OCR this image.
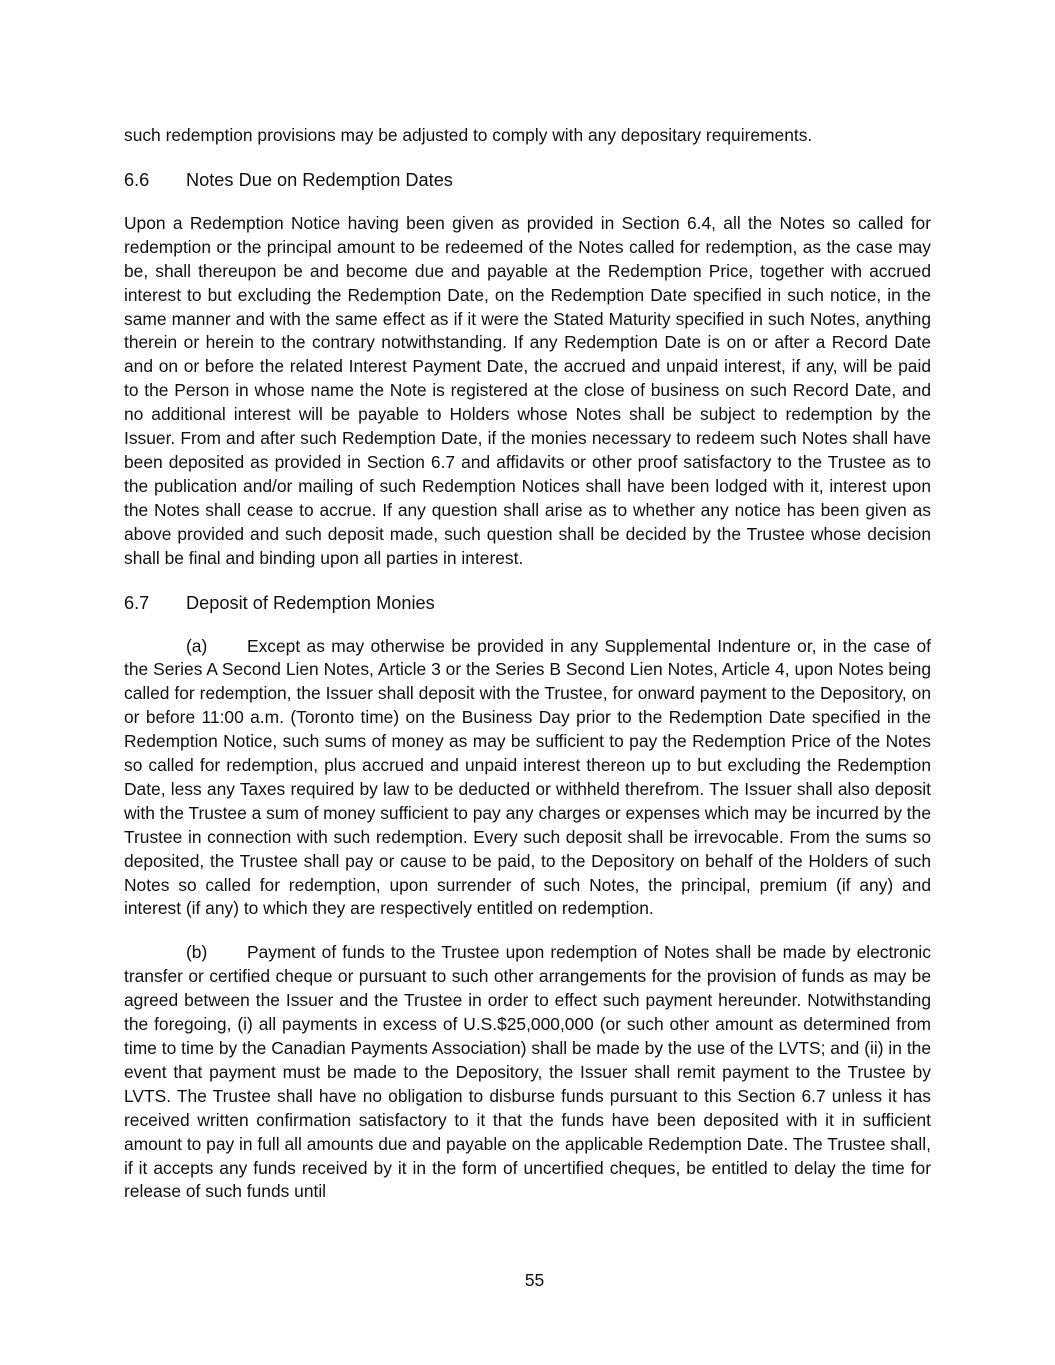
such redemption provisions may be adjusted to comply with any depositary requirements.

6.6	Notes Due on Redemption Dates

Upon a Redemption Notice having been given as provided in Section 6.4, all the Notes so called for redemption or the principal amount to be redeemed of the Notes called for redemption, as the case may be, shall thereupon be and become due and payable at the Redemption Price, together with accrued interest to but excluding the Redemption Date, on the Redemption Date specified in such notice, in the same manner and with the same effect as if it were the Stated Maturity specified in such Notes, anything therein or herein to the contrary notwithstanding. If any Redemption Date is on or after a Record Date and on or before the related Interest Payment Date, the accrued and unpaid interest, if any, will be paid to the Person in whose name the Note is registered at the close of business on such Record Date, and no additional interest will be payable to Holders whose Notes shall be subject to redemption by the Issuer. From and after such Redemption Date, if the monies necessary to redeem such Notes shall have been deposited as provided in Section 6.7 and affidavits or other proof satisfactory to the Trustee as to the publication and/or mailing of such Redemption Notices shall have been lodged with it, interest upon the Notes shall cease to accrue. If any question shall arise as to whether any notice has been given as above provided and such deposit made, such question shall be decided by the Trustee whose decision shall be final and binding upon all parties in interest.

6.7	Deposit of Redemption Monies

(a) Except as may otherwise be provided in any Supplemental Indenture or, in the case of the Series A Second Lien Notes, Article 3 or the Series B Second Lien Notes, Article 4, upon Notes being called for redemption, the Issuer shall deposit with the Trustee, for onward payment to the Depository, on or before 11:00 a.m. (Toronto time) on the Business Day prior to the Redemption Date specified in the Redemption Notice, such sums of money as may be sufficient to pay the Redemption Price of the Notes so called for redemption, plus accrued and unpaid interest thereon up to but excluding the Redemption Date, less any Taxes required by law to be deducted or withheld therefrom. The Issuer shall also deposit with the Trustee a sum of money sufficient to pay any charges or expenses which may be incurred by the Trustee in connection with such redemption. Every such deposit shall be irrevocable. From the sums so deposited, the Trustee shall pay or cause to be paid, to the Depository on behalf of the Holders of such Notes so called for redemption, upon surrender of such Notes, the principal, premium (if any) and interest (if any) to which they are respectively entitled on redemption.

(b) Payment of funds to the Trustee upon redemption of Notes shall be made by electronic transfer or certified cheque or pursuant to such other arrangements for the provision of funds as may be agreed between the Issuer and the Trustee in order to effect such payment hereunder. Notwithstanding the foregoing, (i) all payments in excess of U.S.$25,000,000 (or such other amount as determined from time to time by the Canadian Payments Association) shall be made by the use of the LVTS; and (ii) in the event that payment must be made to the Depository, the Issuer shall remit payment to the Trustee by LVTS. The Trustee shall have no obligation to disburse funds pursuant to this Section 6.7 unless it has received written confirmation satisfactory to it that the funds have been deposited with it in sufficient amount to pay in full all amounts due and payable on the applicable Redemption Date. The Trustee shall, if it accepts any funds received by it in the form of uncertified cheques, be entitled to delay the time for release of such funds until

55
